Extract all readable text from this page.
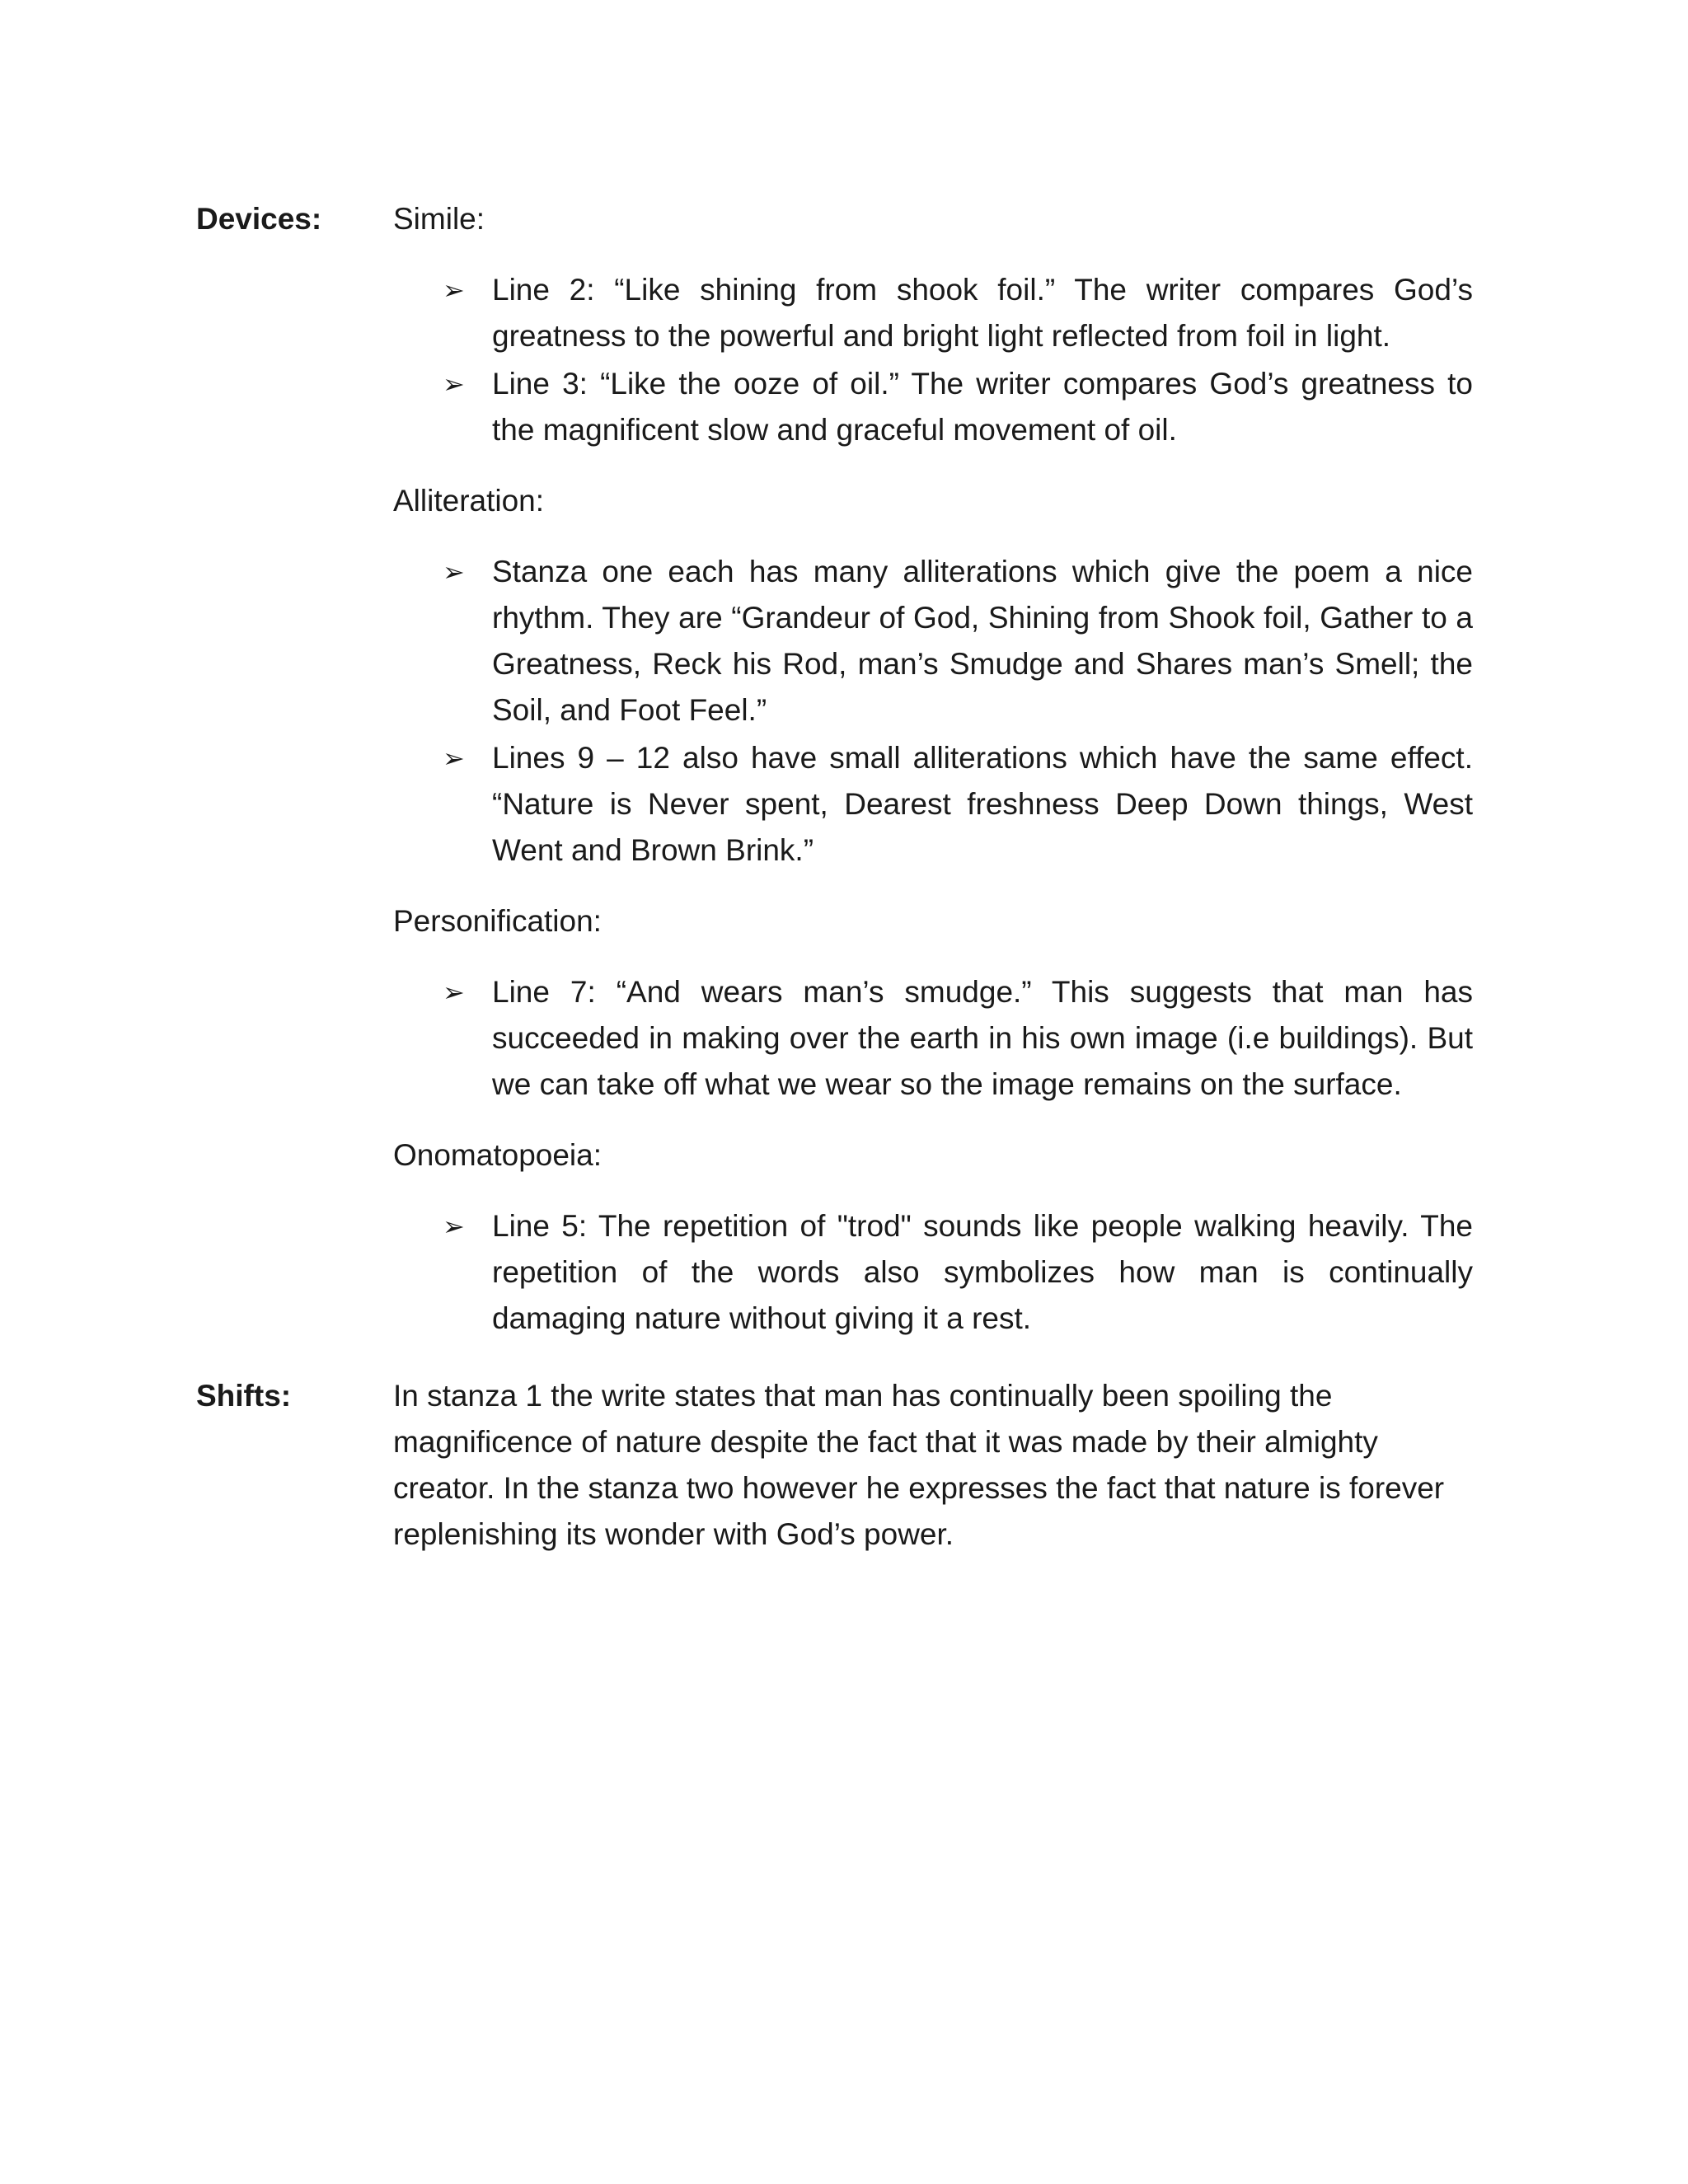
Devices: Simile:

➢ Line 2: “Like shining from shook foil.” The writer compares God’s greatness to the powerful and bright light reflected from foil in light.
➢ Line 3: “Like the ooze of oil.” The writer compares God’s greatness to the magnificent slow and graceful movement of oil.

Alliteration:

➢ Stanza one each has many alliterations which give the poem a nice rhythm. They are “Grandeur of God, Shining from Shook foil, Gather to a Greatness, Reck his Rod, man’s Smudge and Shares man’s Smell; the Soil, and Foot Feel.”
➢ Lines 9 – 12 also have small alliterations which have the same effect. “Nature is Never spent, Dearest freshness Deep Down things, West Went and Brown Brink.”

Personification:

➢ Line 7: “And wears man’s smudge.” This suggests that man has succeeded in making over the earth in his own image (i.e buildings). But we can take off what we wear so the image remains on the surface.

Onomatopoeia:

➢ Line 5: The repetition of "trod" sounds like people walking heavily. The repetition of the words also symbolizes how man is continually damaging nature without giving it a rest.
Shifts:	In stanza 1 the write states that man has continually been spoiling the magnificence of nature despite the fact that it was made by their almighty creator. In the stanza two however he expresses the fact that nature is forever replenishing its wonder with God’s power.
